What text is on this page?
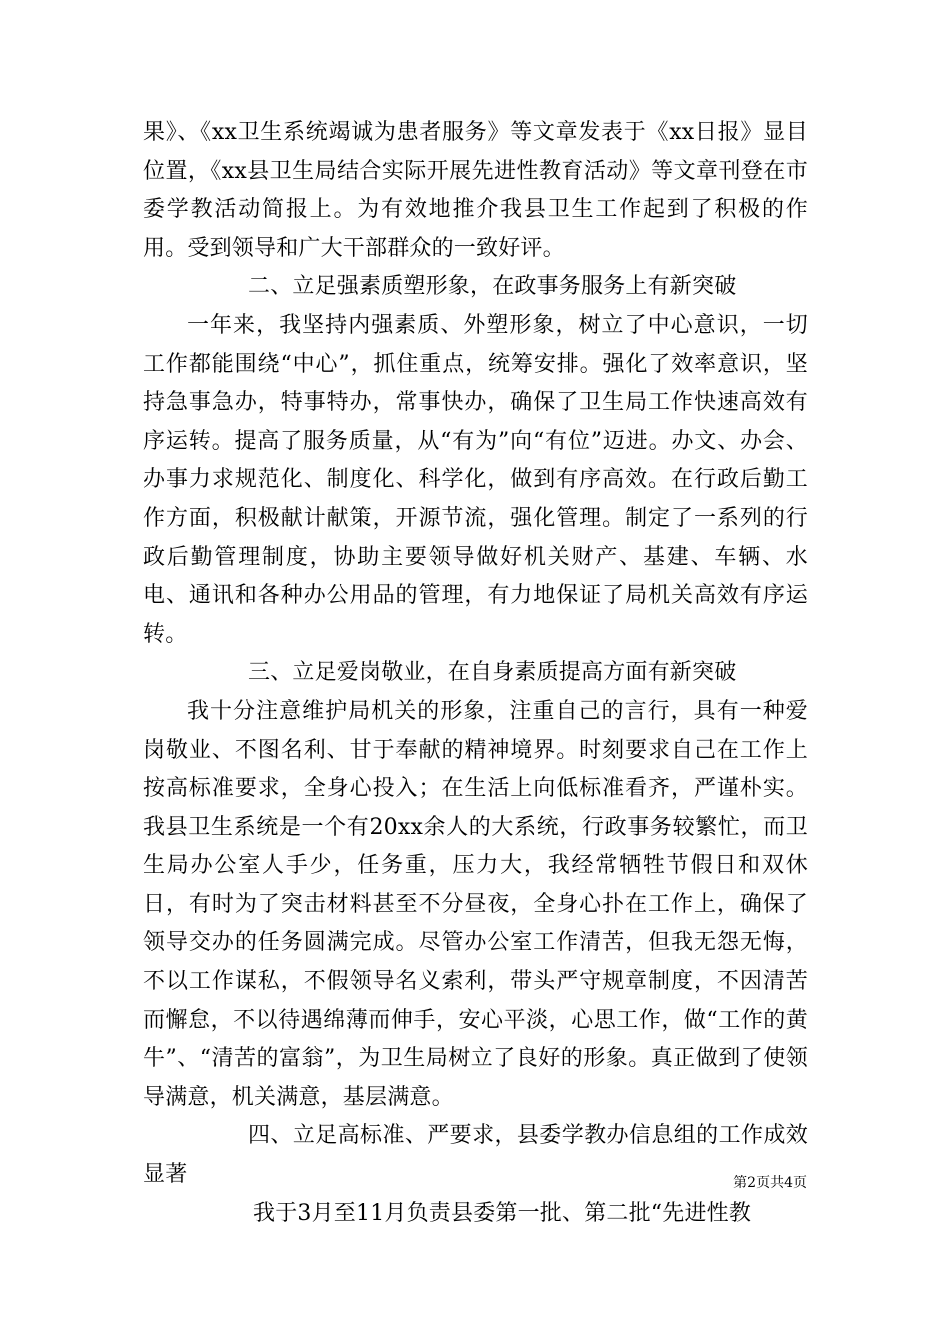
果》、《xx卫生系统竭诚为患者服务》等文章发表于《xx日报》显目位置，《xx县卫生局结合实际开展先进性教育活动》等文章刊登在市委学教活动简报上。为有效地推介我县卫生工作起到了积极的作用。受到领导和广大干部群众的一致好评。

二、立足强素质塑形象，在政事务服务上有新突破

一年来，我坚持内强素质、外塑形象，树立了中心意识，一切工作都能围绕“中心”，抓住重点，统筹安排。强化了效率意识，坚持急事急办，特事特办，常事快办，确保了卫生局工作快速高效有序运转。提高了服务质量，从“有为”向“有位”迈进。办文、办会、办事力求规范化、制度化、科学化，做到有序高效。在行政后勤工作方面，积极献计献策，开源节流，强化管理。制定了一系列的行政后勤管理制度，协助主要领导做好机关财产、基建、车辆、水电、通讯和各种办公用品的管理，有力地保证了局机关高效有序运转。

三、立足爱岗敬业，在自身素质提高方面有新突破

我十分注意维护局机关的形象，注重自己的言行，具有一种爱岗敬业、不图名利、甘于奉献的精神境界。时刻要求自己在工作上按高标准要求，全身心投入；在生活上向低标准看齐，严谨朴实。我县卫生系统是一个有20xx余人的大系统，行政事务较繁忙，而卫生局办公室人手少，任务重，压力大，我经常牺牲节假日和双休日，有时为了突击材料甚至不分昼夜，全身心扑在工作上，确保了领导交办的任务圆满完成。尽管办公室工作清苦，但我无怨无悔，不以工作谋私，不假领导名义索利，带头严守规章制度，不因清苦而懈怠，不以待遇绵薄而伸手，安心平淡，心思工作，做“工作的黄牛”、“清苦的富翁”，为卫生局树立了良好的形象。真正做到了使领导满意，机关满意，基层满意。

四、立足高标准、严要求，县委学教办信息组的工作成效显著

我于3月至11月负责县委第一批、第二批“先进性教

第2页共4页
